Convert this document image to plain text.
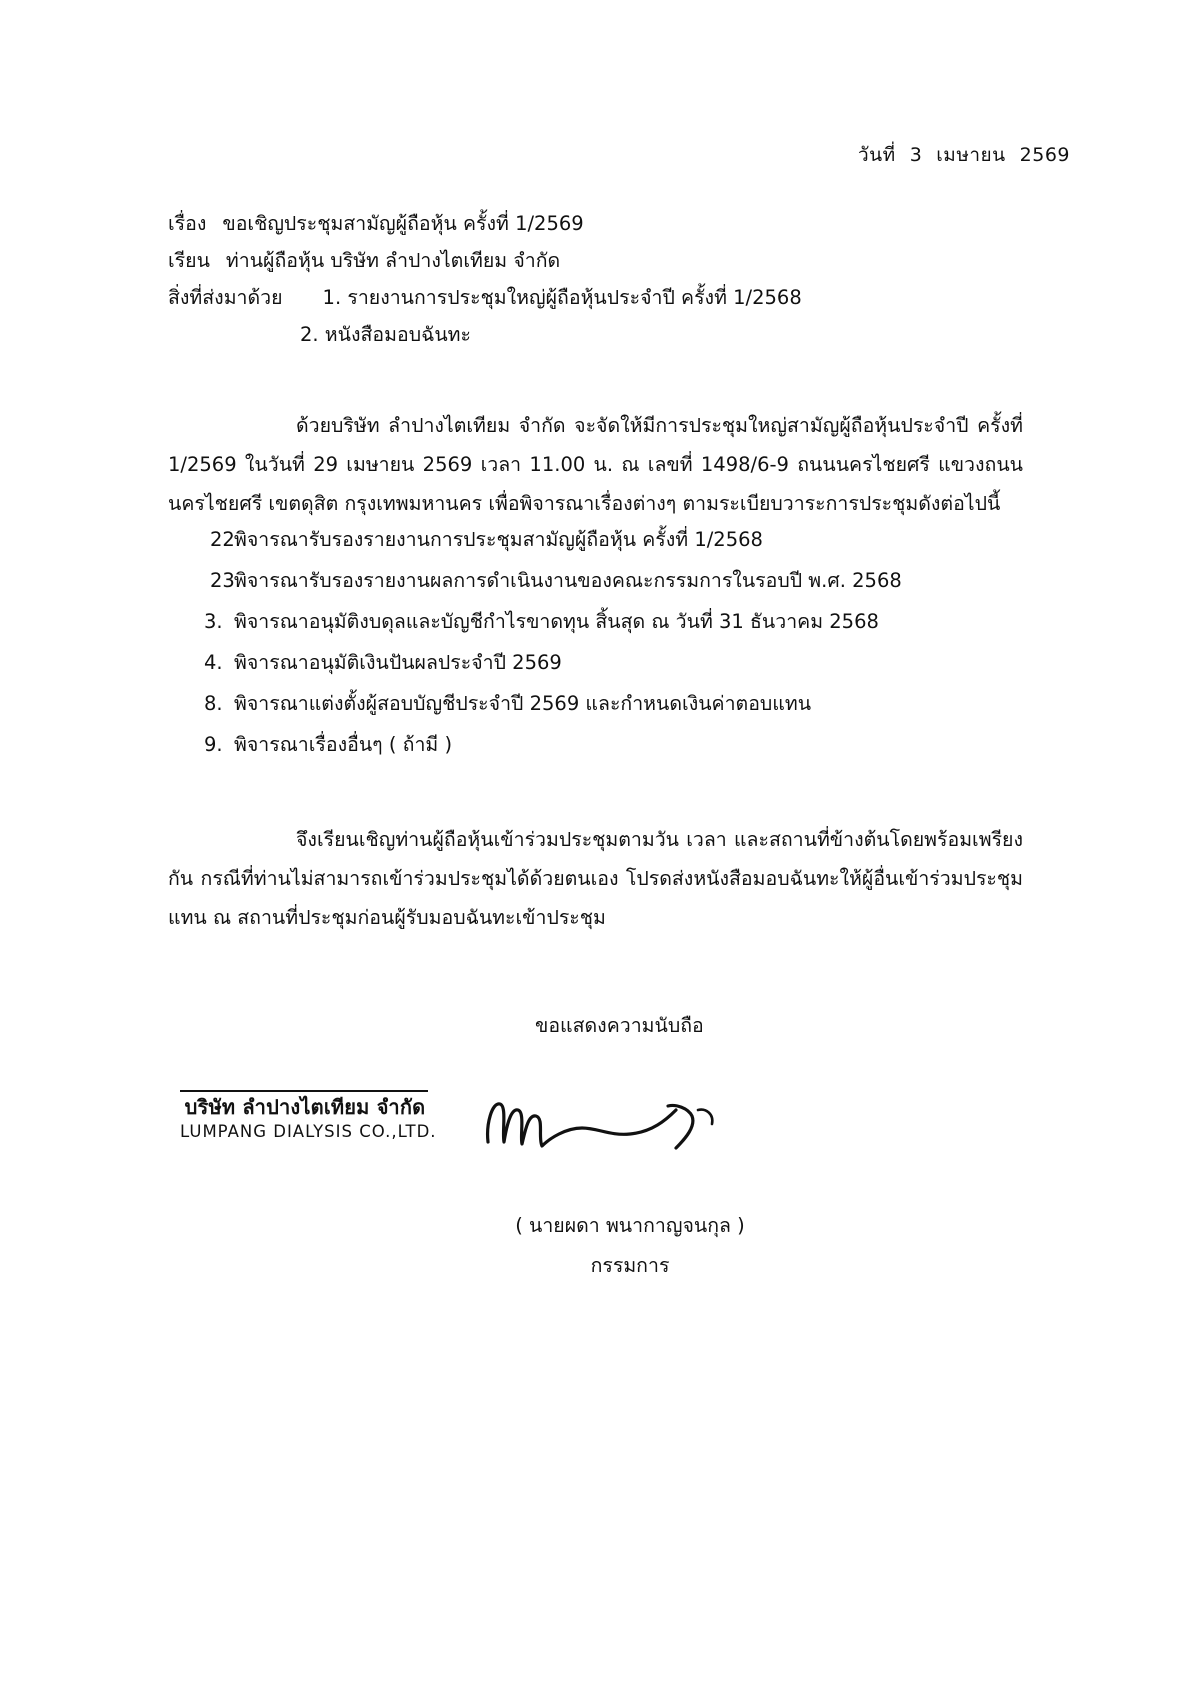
วันที่ 3 เมษายน 2569
เรื่อง ขอเชิญประชุมสามัญผู้ถือหุ้น ครั้งที่ 1/2569
เรียน ท่านผู้ถือหุ้น บริษัท ลำปางไตเทียม จำกัด
สิ่งที่ส่งมาด้วย 1. รายงานการประชุมใหญ่ผู้ถือหุ้นประจำปี ครั้งที่ 1/2568
2. หนังสือมอบฉันทะ

ด้วยบริษัท ลำปางไตเทียม จำกัด จะจัดให้มีการประชุมใหญ่สามัญผู้ถือหุ้นประจำปี ครั้งที่ 1/2569 ในวันที่ 29 เมษายน 2569 เวลา 11.00 น. ณ เลขที่ 1498/6-9 ถนนนครไชยศรี แขวงถนนนครไชยศรี เขตดุสิต กรุงเทพมหานคร เพื่อพิจารณาเรื่องต่างๆ ตามระเบียบวาระการประชุมดังต่อไปนี้

22.
พิจารณารับรองรายงานการประชุมสามัญผู้ถือหุ้น ครั้งที่ 1/2568
23.
พิจารณารับรองรายงานผลการดำเนินงานของคณะกรรมการในรอบปี พ.ศ. 2568
3. พิจารณาอนุมัติงบดุลและบัญชีกำไรขาดทุน สิ้นสุด ณ วันที่ 31 ธันวาคม 2568
4. พิจารณาอนุมัติเงินปันผลประจำปี 2569
8. พิจารณาแต่งตั้งผู้สอบบัญชีประจำปี 2569 และกำหนดเงินค่าตอบแทน
9. พิจารณาเรื่องอื่นๆ ( ถ้ามี )

จึงเรียนเชิญท่านผู้ถือหุ้นเข้าร่วมประชุมตามวัน เวลา และสถานที่ข้างต้นโดยพร้อมเพรียงกัน กรณีที่ท่านไม่สามารถเข้าร่วมประชุมได้ด้วยตนเอง โปรดส่งหนังสือมอบฉันทะให้ผู้อื่นเข้าร่วมประชุมแทน ณ สถานที่ประชุมก่อนผู้รับมอบฉันทะเข้าประชุม

ขอแสดงความนับถือ
บริษัท ลำปางไตเทียม จำกัด
LUMPANG DIALYSIS CO.,LTD.
( นายผดา พนากาญจนกุล )
กรรมการ
